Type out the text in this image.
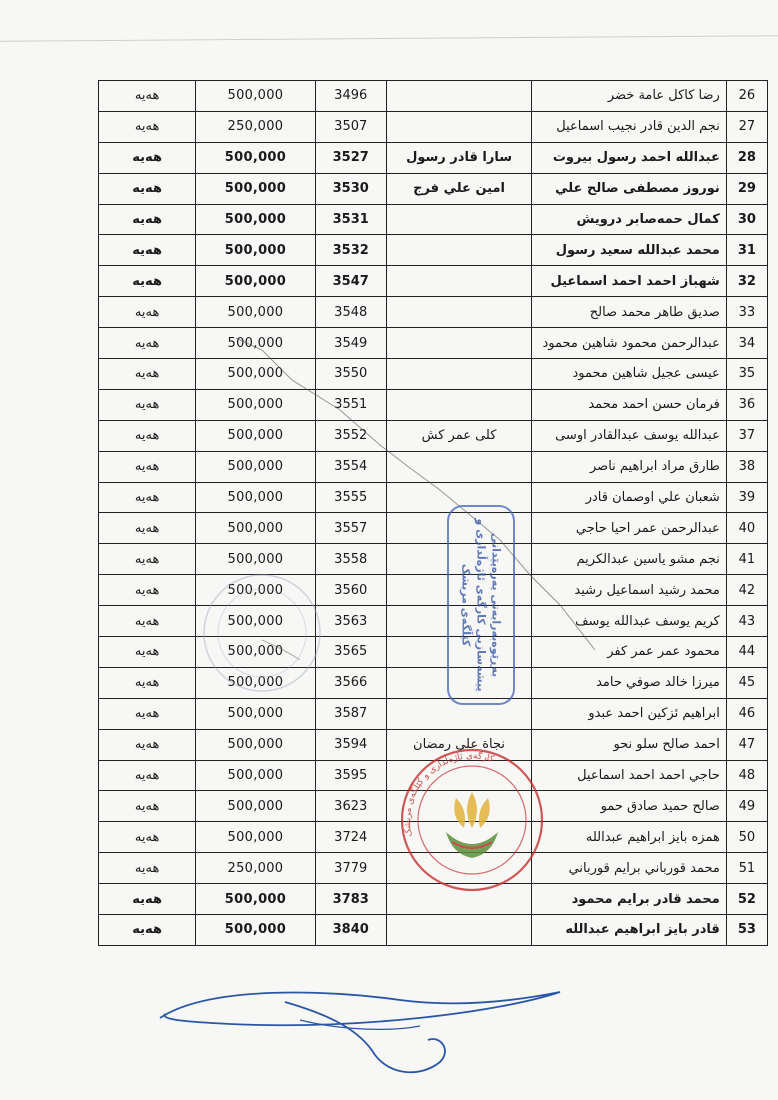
هەیە	500,000	3496		رضا كاكل عامة خضر	26
هەیە	250,000	3507		نجم الدين قادر نجيب اسماعيل	27
هەیە	500,000	3527	سارا قادر رسول	عبدالله احمد رسول بيروت	28
هەیە	500,000	3530	امين علي فرج	نوروز مصطفى صالح علي	29
هەیە	500,000	3531		كمال حمەصابر درويش	30
هەیە	500,000	3532		محمد عبدالله سعيد رسول	31
هەیە	500,000	3547		شهباز احمد احمد اسماعيل	32
هەیە	500,000	3548		صديق طاهر محمد صالح	33
هەیە	500,000	3549		عبدالرحمن محمود شاهين محمود	34
هەیە	500,000	3550		عيسى عجيل شاهين محمود	35
هەیە	500,000	3551		فرمان حسن احمد محمد	36
هەیە	500,000	3552	كلى عمر كش	عبدالله يوسف عبدالقادر اوسى	37
هەیە	500,000	3554		طارق مراد ابراهيم ناصر	38
هەیە	500,000	3555		شعبان علي اوصمان قادر	39
هەیە	500,000	3557		عبدالرحمن عمر احيا حاجي	40
هەیە	500,000	3558		نجم مشو ياسين عبدالكريم	41
هەیە	500,000	3560		محمد رشيد اسماعيل رشيد	42
هەیە	500,000	3563		كريم يوسف عبدالله يوسف	43
هەیە	500,000	3565		محمود عمر عمر كفر	44
هەیە	500,000	3566		ميرزا خالد صوفي حامد	45
هەیە	500,000	3587		ابراهيم ئزكين احمد عبدو	46
هەیە	500,000	3594	نجاة علي رمضان	احمد صالح سلو نحو	47
هەیە	500,000	3595		حاجي احمد احمد اسماعيل	48
هەیە	500,000	3623		صالح حميد صادق حمو	49
هەیە	500,000	3724		همزه بايز ابراهيم عبدالله	50
هەیە	250,000	3779		محمد قورباني برايم قورباني	51
هەیە	500,000	3783		محمد قادر برايم محمود	52
هەیە	500,000	3840		قادر بايز ابراهيم عبدالله	53
بەڕێوەبەرایەتی پەرەپێدانی پیشەسازیی کارگەی ئاژەڵداری و کێڵگەی مریشک
کارگەی ئاژەڵداری و کێڵگەی مریشک
